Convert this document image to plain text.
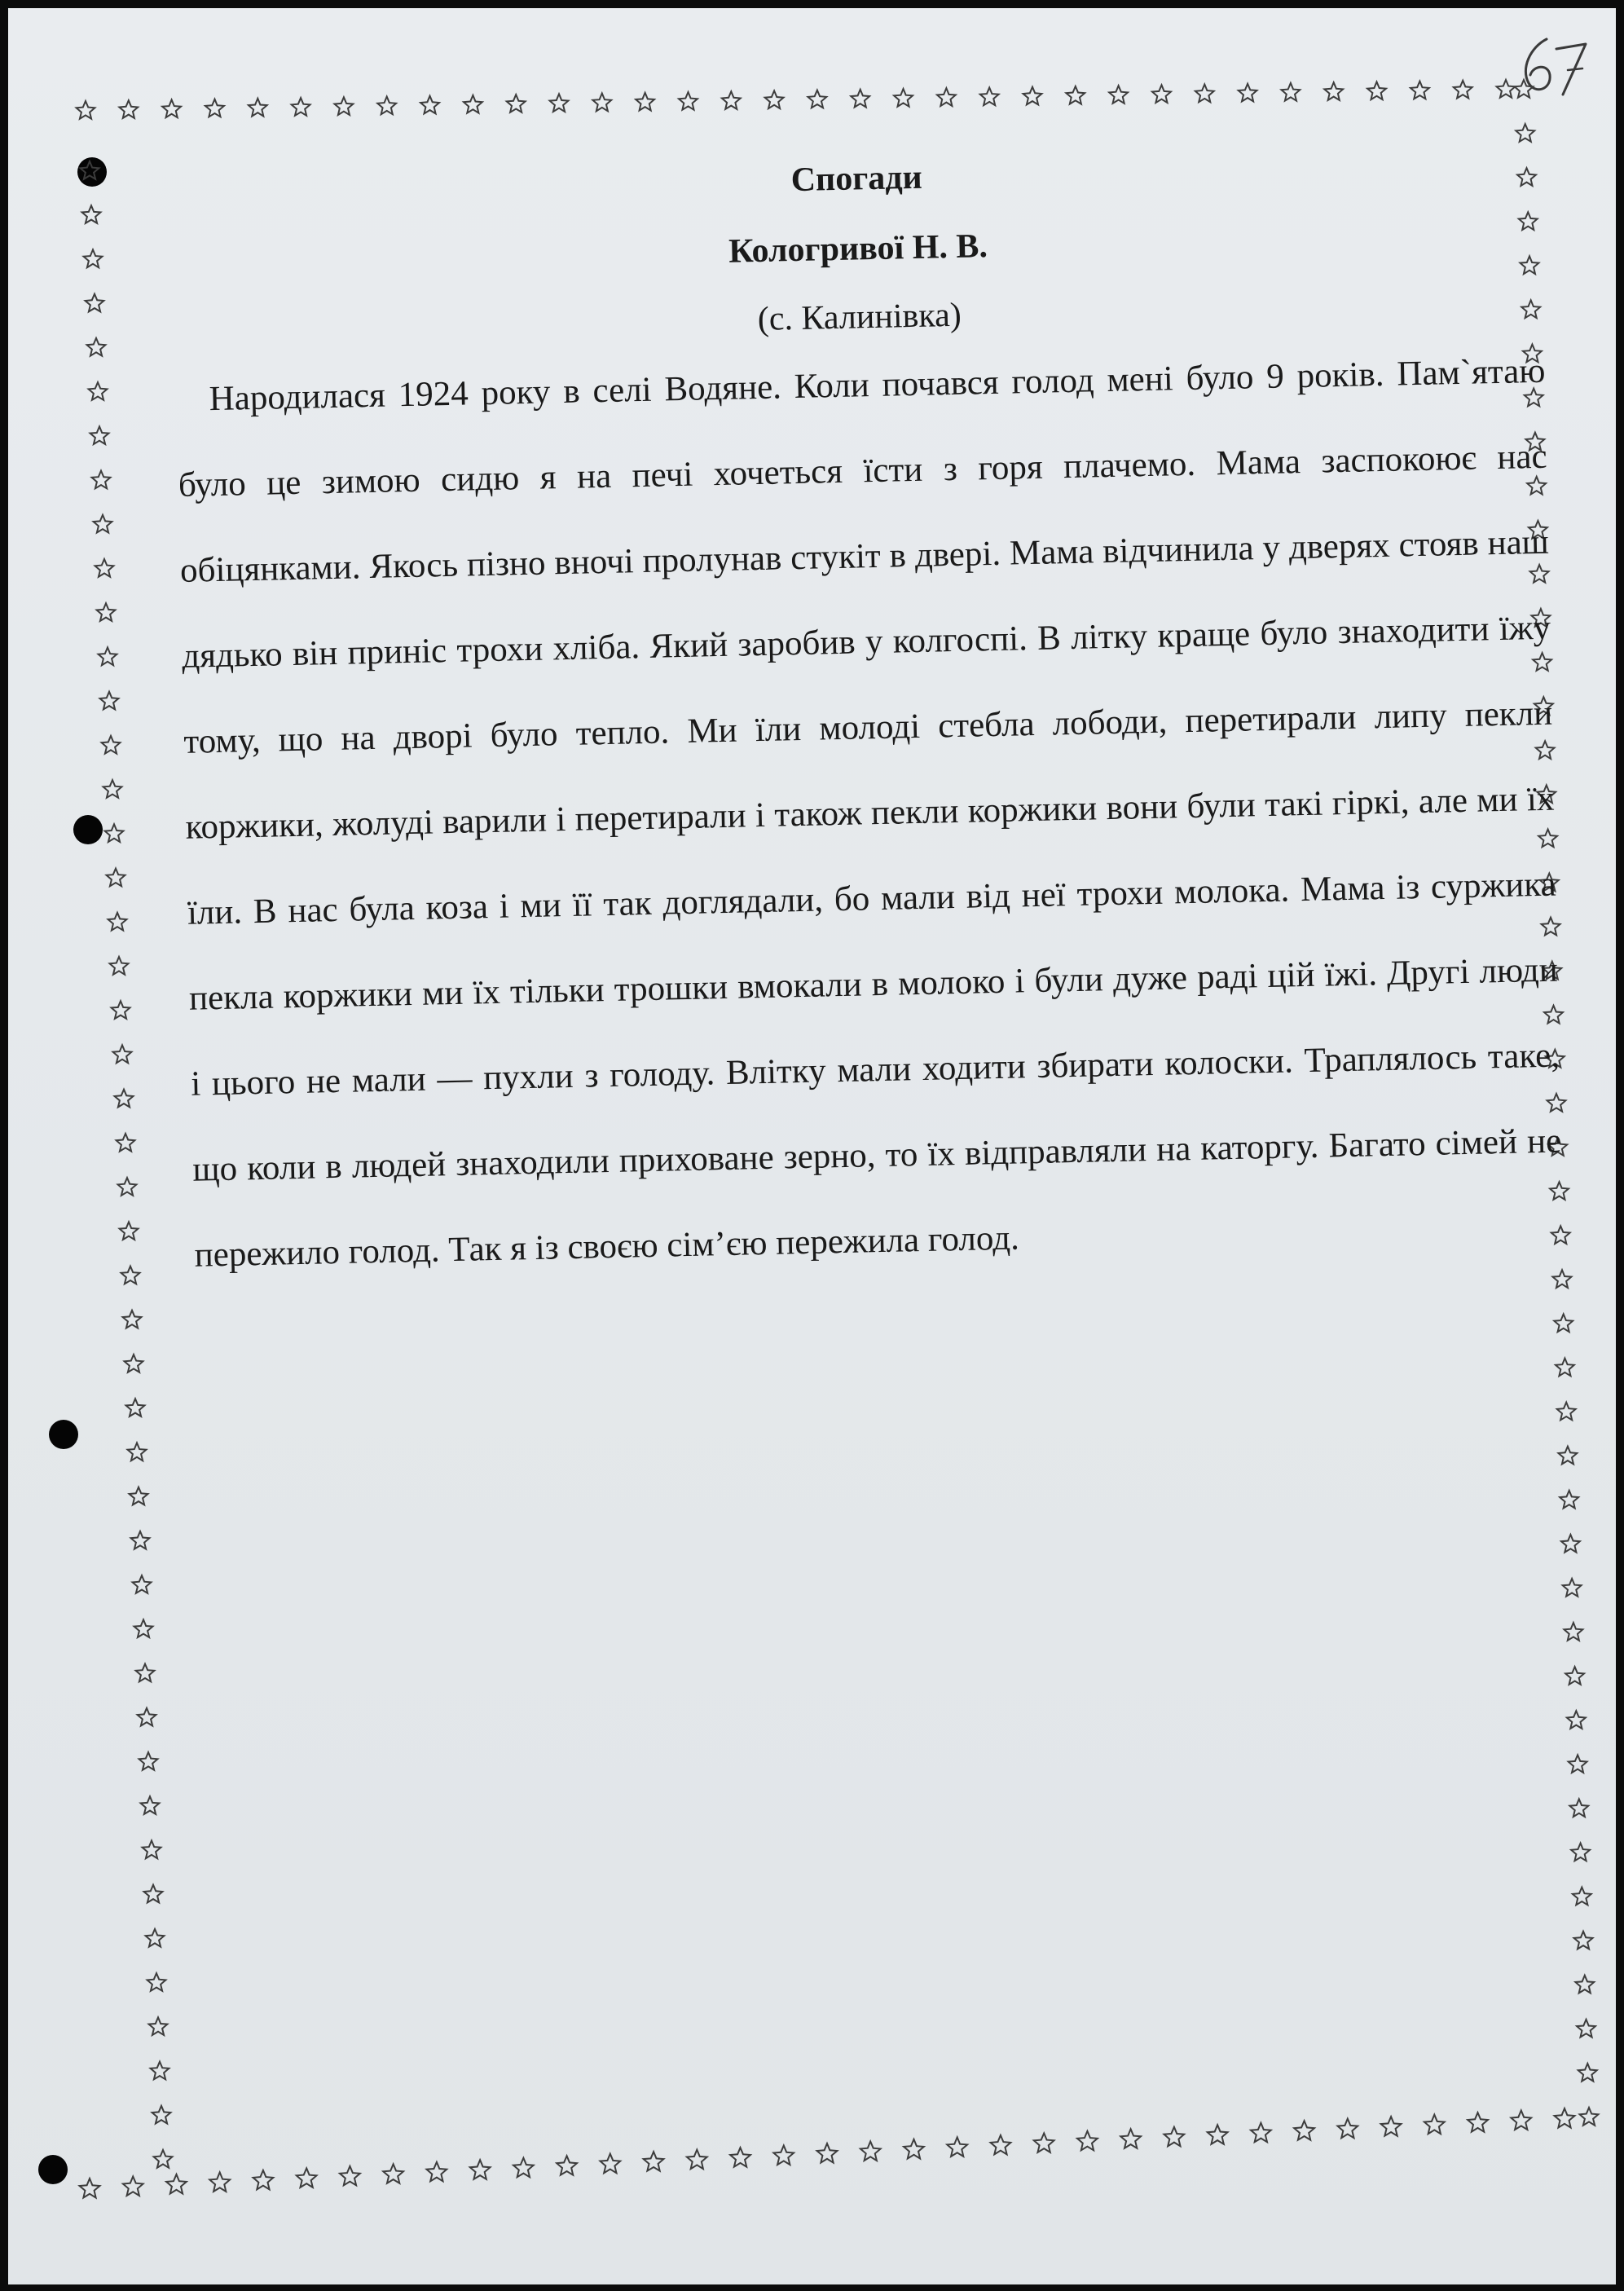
Спогади
Кологривої Н. В.
(с. Калинівка)

Народилася 1924 року в селі Водяне. Коли почався голод мені було 9 років. Пам`ятаю було це зимою сидю я на печі хочеться їсти з горя плачемо. Мама заспокоює нас обіцянками. Якось пізно вночі пролунав стукіт в двері. Мама відчинила у дверях стояв наш дядько він приніс трохи хліба. Який заробив у колгоспі. В літку краще було знаходити їжу тому, що на дворі було тепло. Ми їли молоді стебла лободи, перетирали липу пекли коржики, жолуді варили і перетирали і також пекли коржики вони були такі гіркі, але ми їх їли. В нас була коза і ми її так доглядали, бо мали від неї трохи молока. Мама із суржика пекла коржики ми їх тільки трошки вмокали в молоко і були дуже раді цій їжі. Другі люди і цього не мали — пухли з голоду. Влітку мали ходити збирати колоски. Траплялось таке, що коли в людей знаходили приховане зерно, то їх відправляли на каторгу. Багато сімей не пережило голод. Так я із своєю сім’єю пережила голод.
